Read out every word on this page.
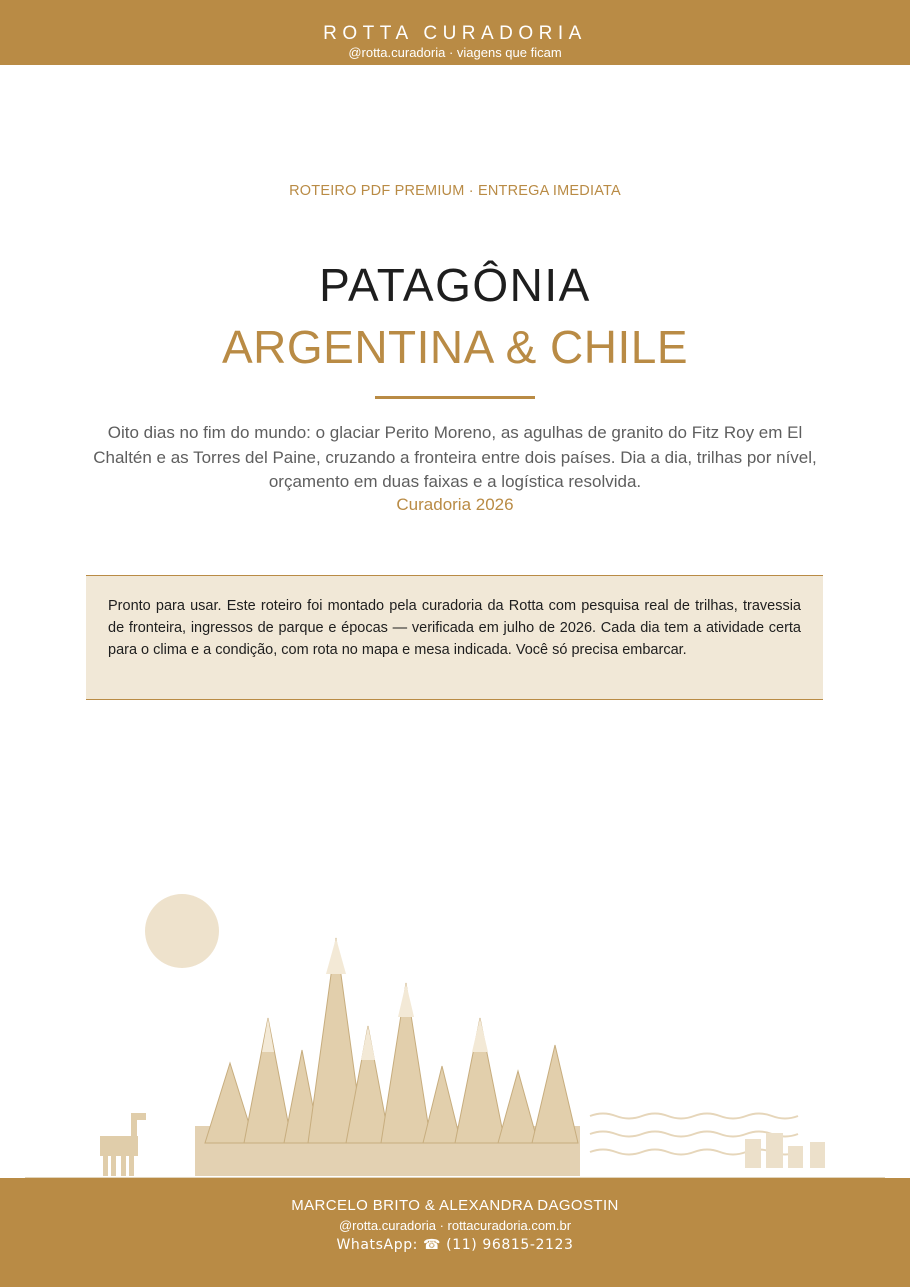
ROTTA CURADORIA
@rotta.curadoria · viagens que ficam
ROTEIRO PDF PREMIUM · ENTREGA IMEDIATA
PATAGÔNIA
ARGENTINA & CHILE
Oito dias no fim do mundo: o glaciar Perito Moreno, as agulhas de granito do Fitz Roy em El Chaltén e as Torres del Paine, cruzando a fronteira entre dois países. Dia a dia, trilhas por nível, orçamento em duas faixas e a logística resolvida.
Curadoria 2026
Pronto para usar. Este roteiro foi montado pela curadoria da Rotta com pesquisa real de trilhas, travessia de fronteira, ingressos de parque e épocas — verificada em julho de 2026. Cada dia tem a atividade certa para o clima e a condição, com rota no mapa e mesa indicada. Você só precisa embarcar.
MARCELO BRITO & ALEXANDRA DAGOSTIN
@rotta.curadoria · rottacuradoria.com.br
WhatsApp: ☎ (11) 96815-2123
